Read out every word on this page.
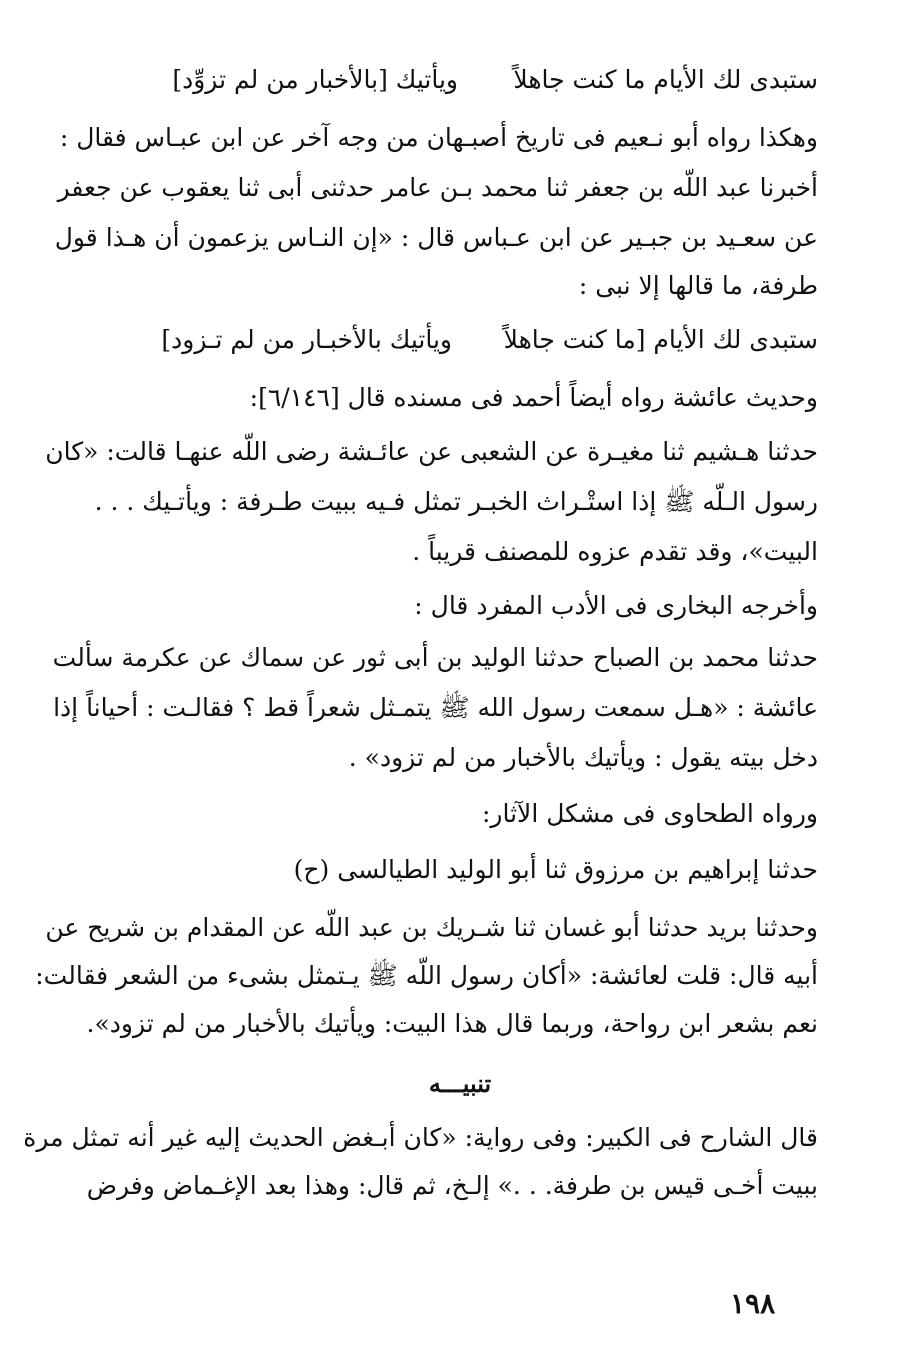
ستبدى لك الأيام ما كنت جاهلاً
ويأتيك [بالأخبار من لم تزوِّد]
وهكذا رواه أبو نـعيم فى تاريخ أصبـهان من وجه آخر عن ابن عبـاس فقال :
أخبرنا عبد اللّه بن جعفر ثنا محمد بـن عامر حدثنى أبى ثنا يعقوب عن جعفر
عن سعـيد بن جبـير عن ابن عـباس قال : «إن النـاس يزعمون أن هـذا قول
طرفة، ما قالها إلا نبى :
ستبدى لك الأيام [ما كنت جاهلاً
ويأتيك بالأخبـار من لم تـزود]
وحديث عائشة رواه أيضاً أحمد فى مسنده قال [٦/١٤٦]:
حدثنا هـشيم ثنا مغيـرة عن الشعبى عن عائـشة رضى اللّه عنهـا قالت: «كان
رسول الـلّه ﷺ إذا استْـراث الخبـر تمثل فـيه ببيت طـرفة : ويأتـيك . . .
البيت»، وقد تقدم عزوه للمصنف قريباً .
وأخرجه البخارى فى الأدب المفرد قال :
حدثنا محمد بن الصباح حدثنا الوليد بن أبى ثور عن سماك عن عكرمة سألت
عائشة : «هـل سمعت رسول الله ﷺ يتمـثل شعراً قط ؟ فقالـت : أحياناً إذا
دخل بيته يقول : ويأتيك بالأخبار من لم تزود» .
ورواه الطحاوى فى مشكل الآثار:
حدثنا إبراهيم بن مرزوق ثنا أبو الوليد الطيالسى (ح)
وحدثنا بريد حدثنا أبو غسان ثنا شـريك بن عبد اللّه عن المقدام بن شريح عن
أبيه قال: قلت لعائشة: «أكان رسول اللّه ﷺ يـتمثل بشىء من الشعر فقالت:
نعم بشعر ابن رواحة، وربما قال هذا البيت: ويأتيك بالأخبار من لم تزود».
تنبيـــه
قال الشارح فى الكبير: وفى رواية: «كان أبـغض الحديث إليه غير أنه تمثل مرة
ببيت أخـى قيس بن طرفة. . .» إلـخ، ثم قال: وهذا بعد الإغـماض وفرض
١٩٨
